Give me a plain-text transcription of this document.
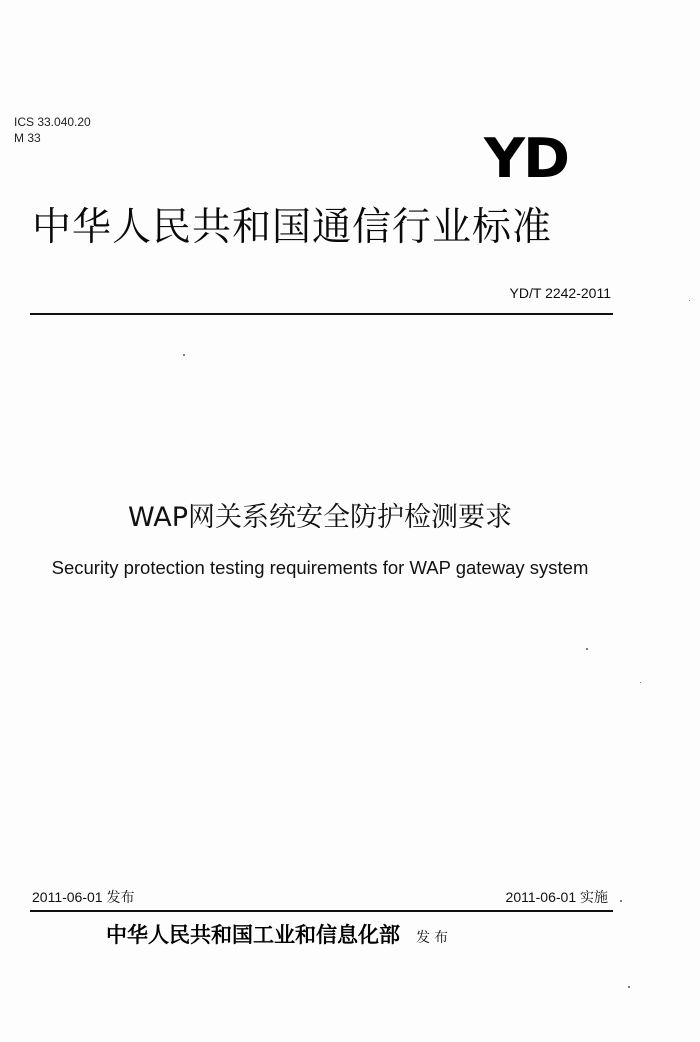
ICS 33.040.20
M 33	YD
中华人民共和国通信行业标准
YD/T 2242-2011
WAP网关系统安全防护检测要求
Security protection testing requirements for WAP gateway system
2011-06-01 发布	2011-06-01 实施
中华人民共和国工业和信息化部 发布
